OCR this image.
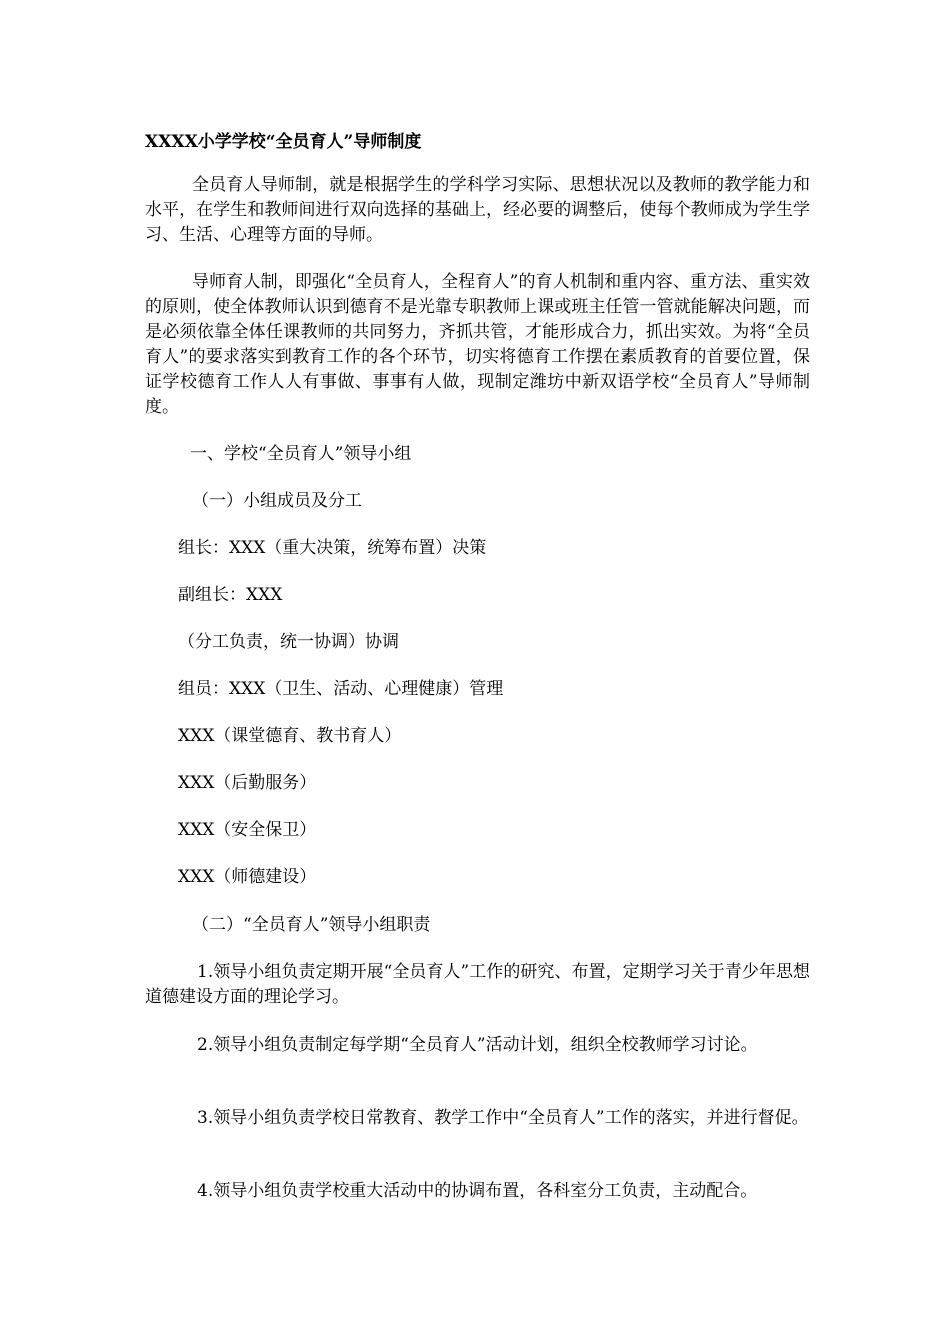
XXXX小学学校“全员育人”导师制度
全员育人导师制，就是根据学生的学科学习实际、思想状况以及教师的教学能力和水平，在学生和教师间进行双向选择的基础上，经必要的调整后，使每个教师成为学生学习、生活、心理等方面的导师。
导师育人制，即强化“全员育人，全程育人”的育人机制和重内容、重方法、重实效的原则，使全体教师认识到德育不是光靠专职教师上课或班主任管一管就能解决问题，而是必须依靠全体任课教师的共同努力，齐抓共管，才能形成合力，抓出实效。为将“全员育人”的要求落实到教育工作的各个环节，切实将德育工作摆在素质教育的首要位置，保证学校德育工作人人有事做、事事有人做，现制定潍坊中新双语学校“全员育人”导师制度。
一、学校“全员育人”领导小组
（一）小组成员及分工
组长：XXX（重大决策，统筹布置）决策
副组长：XXX
（分工负责，统一协调）协调
组员：XXX（卫生、活动、心理健康）管理
XXX（课堂德育、教书育人）
XXX（后勤服务）
XXX（安全保卫）
XXX（师德建设）
（二）“全员育人”领导小组职责
1.领导小组负责定期开展“全员育人”工作的研究、布置，定期学习关于青少年思想道德建设方面的理论学习。
2.领导小组负责制定每学期“全员育人”活动计划，组织全校教师学习讨论。
3.领导小组负责学校日常教育、教学工作中“全员育人”工作的落实，并进行督促。
4.领导小组负责学校重大活动中的协调布置，各科室分工负责，主动配合。
